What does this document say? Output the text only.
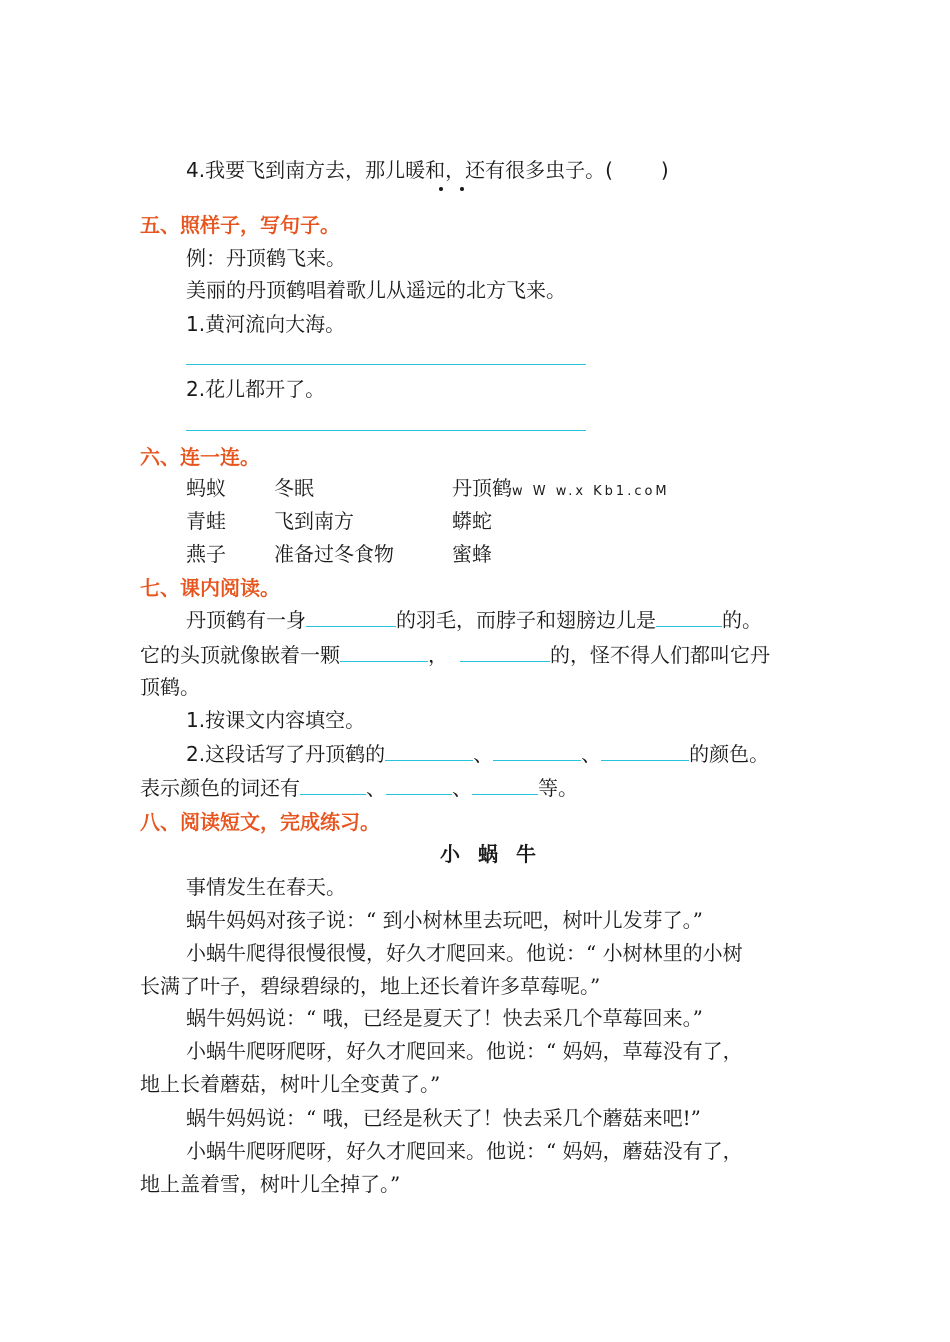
4.我要飞到南方去，那儿暖和，还有很多虫子。( )
五、照样子，写句子。
例：丹顶鹤飞来。
美丽的丹顶鹤唱着歌儿从遥远的北方飞来。
1.黄河流向大海。
2.花儿都开了。
六、连一连。
蚂蚁 冬眠	丹顶鹤w W w.x Kb1.coM
青蛙 飞到南方	蟒蛇
燕子 准备过冬食物	蜜蜂
七、课内阅读。
丹顶鹤有一身	的羽毛，而脖子和翅膀边儿是	的。
它的头顶就像嵌着一颗	，	的，怪不得人们都叫它丹
顶鹤。
1.按课文内容填空。
2.这段话写了丹顶鹤的	、	、	的颜色。
表示颜色的词还有	、	、	等。
八、阅读短文，完成练习。
小蜗牛
事情发生在春天。
蜗牛妈妈对孩子说：“ 到小树林里去玩吧，树叶儿发芽了。”
小蜗牛爬得很慢很慢，好久才爬回来。他说：“ 小树林里的小树
长满了叶子，碧绿碧绿的，地上还长着许多草莓呢。”
蜗牛妈妈说：“ 哦，已经是夏天了！快去采几个草莓回来。”
小蜗牛爬呀爬呀，好久才爬回来。他说：“ 妈妈，草莓没有了，
地上长着蘑菇，树叶儿全变黄了。”
蜗牛妈妈说：“ 哦，已经是秋天了！快去采几个蘑菇来吧!”
小蜗牛爬呀爬呀，好久才爬回来。他说：“ 妈妈，蘑菇没有了，
地上盖着雪，树叶儿全掉了。”
